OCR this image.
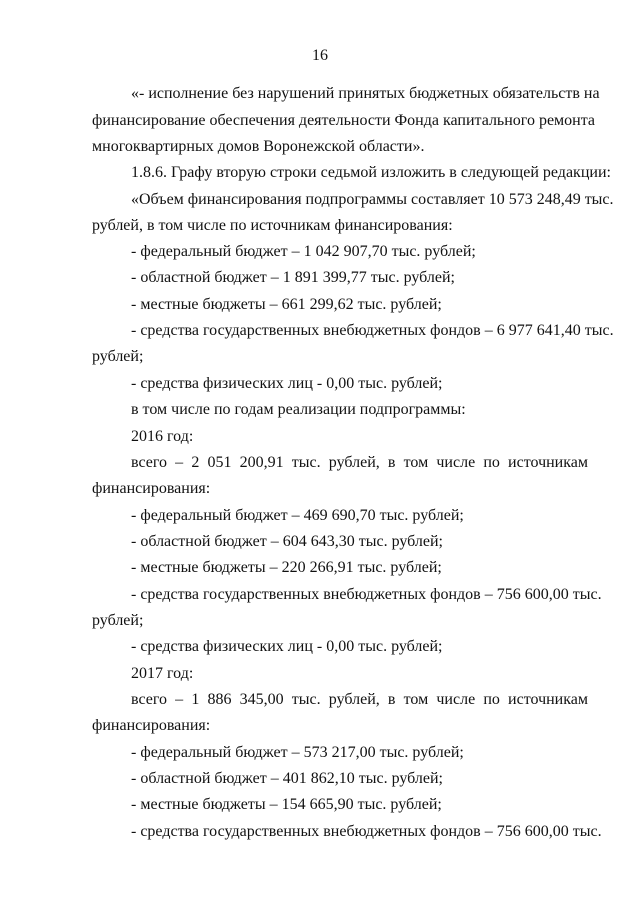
16
«- исполнение без нарушений принятых бюджетных обязательств на
финансирование обеспечения деятельности Фонда капитального ремонта
многоквартирных домов Воронежской области».
1.8.6. Графу вторую строки седьмой изложить в следующей редакции:
«Объем финансирования подпрограммы составляет 10 573 248,49 тыс.
рублей, в том числе по источникам финансирования:
- федеральный бюджет – 1 042 907,70 тыс. рублей;
- областной бюджет – 1 891 399,77 тыс. рублей;
- местные бюджеты – 661 299,62 тыс. рублей;
- средства государственных внебюджетных фондов – 6 977 641,40 тыс.
рублей;
- средства физических лиц - 0,00 тыс. рублей;
в том числе по годам реализации подпрограммы:
2016 год:
всего – 2 051 200,91 тыс. рублей, в том числе по источникам
финансирования:
- федеральный бюджет – 469 690,70 тыс. рублей;
- областной бюджет – 604 643,30 тыс. рублей;
- местные бюджеты – 220 266,91 тыс. рублей;
- средства государственных внебюджетных фондов – 756 600,00 тыс.
рублей;
- средства физических лиц - 0,00 тыс. рублей;
2017 год:
всего – 1 886 345,00 тыс. рублей, в том числе по источникам
финансирования:
- федеральный бюджет – 573 217,00 тыс. рублей;
- областной бюджет – 401 862,10 тыс. рублей;
- местные бюджеты – 154 665,90 тыс. рублей;
- средства государственных внебюджетных фондов – 756 600,00 тыс.
